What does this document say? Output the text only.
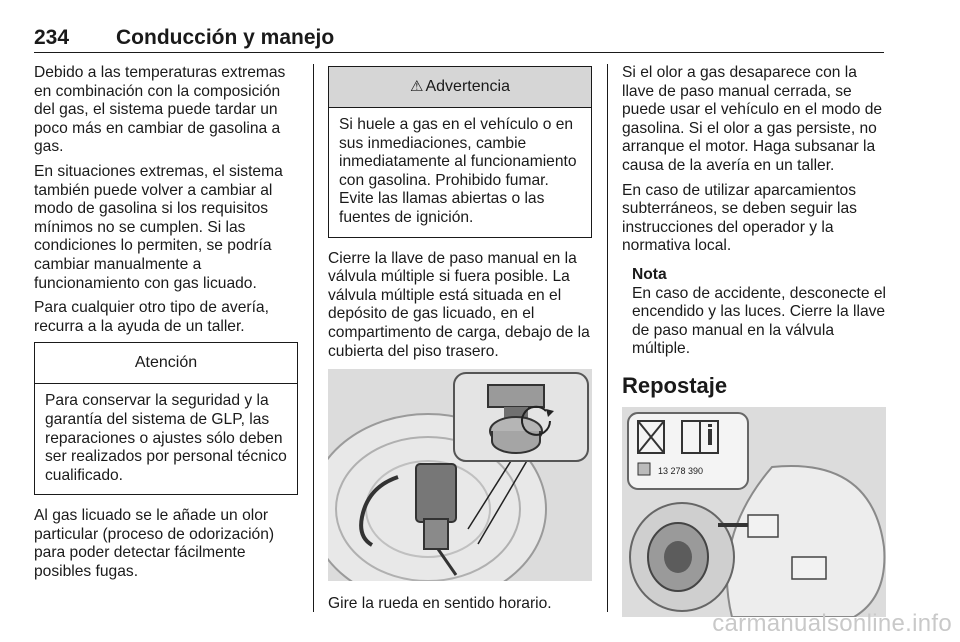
234 Conducción y manejo

Debido a las temperaturas extremas en combinación con la composición del gas, el sistema puede tardar un poco más en cambiar de gasolina a gas.

En situaciones extremas, el sistema también puede volver a cambiar al modo de gasolina si los requisitos mínimos no se cumplen. Si las condiciones lo permiten, se podría cambiar manualmente a funcionamiento con gas licuado.

Para cualquier otro tipo de avería, recurra a la ayuda de un taller.

Atención
Para conservar la seguridad y la garantía del sistema de GLP, las reparaciones o ajustes sólo deben ser realizados por personal técnico cualificado.

Al gas licuado se le añade un olor particular (proceso de odorización) para poder detectar fácilmente posibles fugas.

⚠ Advertencia
Si huele a gas en el vehículo o en sus inmediaciones, cambie inmediatamente al funcionamiento con gasolina. Prohibido fumar. Evite las llamas abiertas o las fuentes de ignición.

Cierre la llave de paso manual en la válvula múltiple si fuera posible. La válvula múltiple está situada en el depósito de gas licuado, en el compartimento de carga, debajo de la cubierta del piso trasero.

Gire la rueda en sentido horario.

Si el olor a gas desaparece con la llave de paso manual cerrada, se puede usar el vehículo en el modo de gasolina. Si el olor a gas persiste, no arranque el motor. Haga subsanar la causa de la avería en un taller.

En caso de utilizar aparcamientos subterráneos, se deben seguir las instrucciones del operador y la normativa local.

Nota
En caso de accidente, desconecte el encendido y las luces. Cierre la llave de paso manual en la válvula múltiple.
Repostaje
13 278 390
carmanualsonline.info
